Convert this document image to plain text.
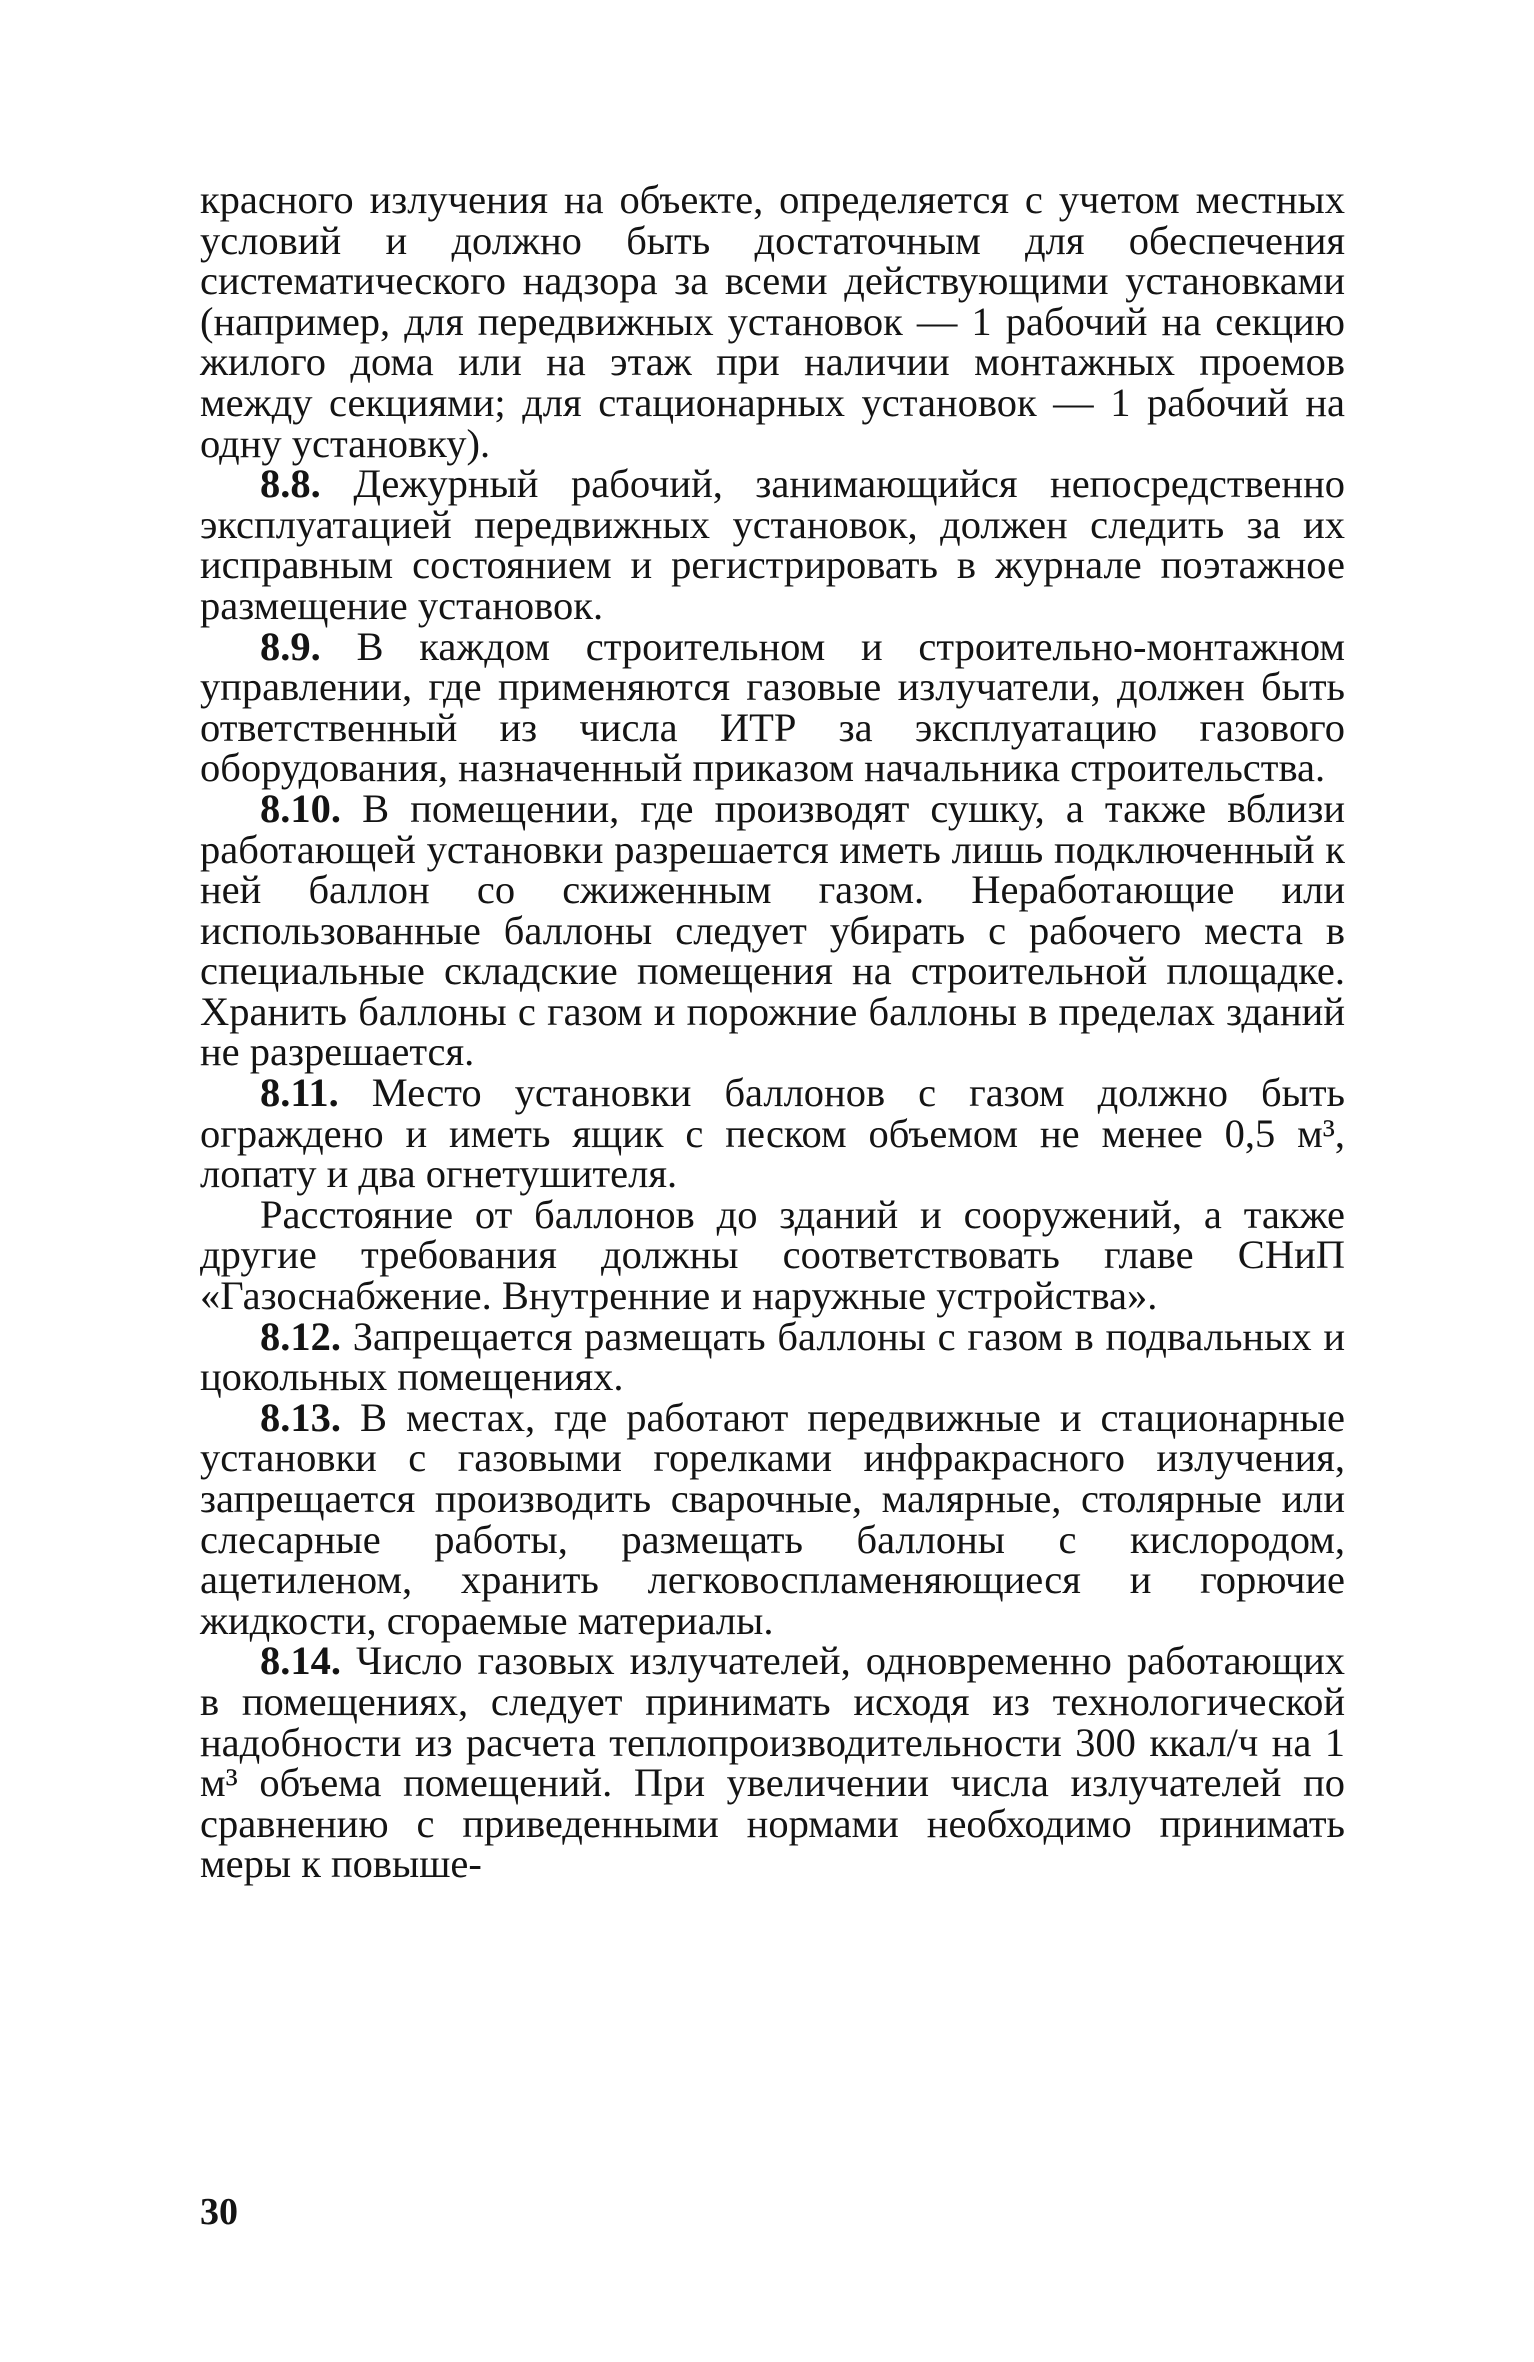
красного излучения на объекте, определяется с учетом местных условий и должно быть достаточным для обеспечения систематического надзора за всеми действующими установками (например, для передвижных установок — 1 рабочий на секцию жилого дома или на этаж при наличии монтажных проемов между секциями; для стационарных установок — 1 рабочий на одну установку).

8.8. Дежурный рабочий, занимающийся непосредственно эксплуатацией передвижных установок, должен следить за их исправным состоянием и регистрировать в журнале поэтажное размещение установок.

8.9. В каждом строительном и строительно-монтажном управлении, где применяются газовые излучатели, должен быть ответственный из числа ИТР за эксплуатацию газового оборудования, назначенный приказом начальника строительства.

8.10. В помещении, где производят сушку, а также вблизи работающей установки разрешается иметь лишь подключенный к ней баллон со сжиженным газом. Неработающие или использованные баллоны следует убирать с рабочего места в специальные складские помещения на строительной площадке. Хранить баллоны с газом и порожние баллоны в пределах зданий не разрешается.

8.11. Место установки баллонов с газом должно быть ограждено и иметь ящик с песком объемом не менее 0,5 м³, лопату и два огнетушителя.

Расстояние от баллонов до зданий и сооружений, а также другие требования должны соответствовать главе СНиП «Газоснабжение. Внутренние и наружные устройства».

8.12. Запрещается размещать баллоны с газом в подвальных и цокольных помещениях.

8.13. В местах, где работают передвижные и стационарные установки с газовыми горелками инфракрасного излучения, запрещается производить сварочные, малярные, столярные или слесарные работы, размещать баллоны с кислородом, ацетиленом, хранить легковоспламеняющиеся и горючие жидкости, сгораемые материалы.

8.14. Число газовых излучателей, одновременно работающих в помещениях, следует принимать исходя из технологической надобности из расчета теплопроизводительности 300 ккал/ч на 1 м³ объема помещений. При увеличении числа излучателей по сравнению с приведенными нормами необходимо принимать меры к повыше-

30
